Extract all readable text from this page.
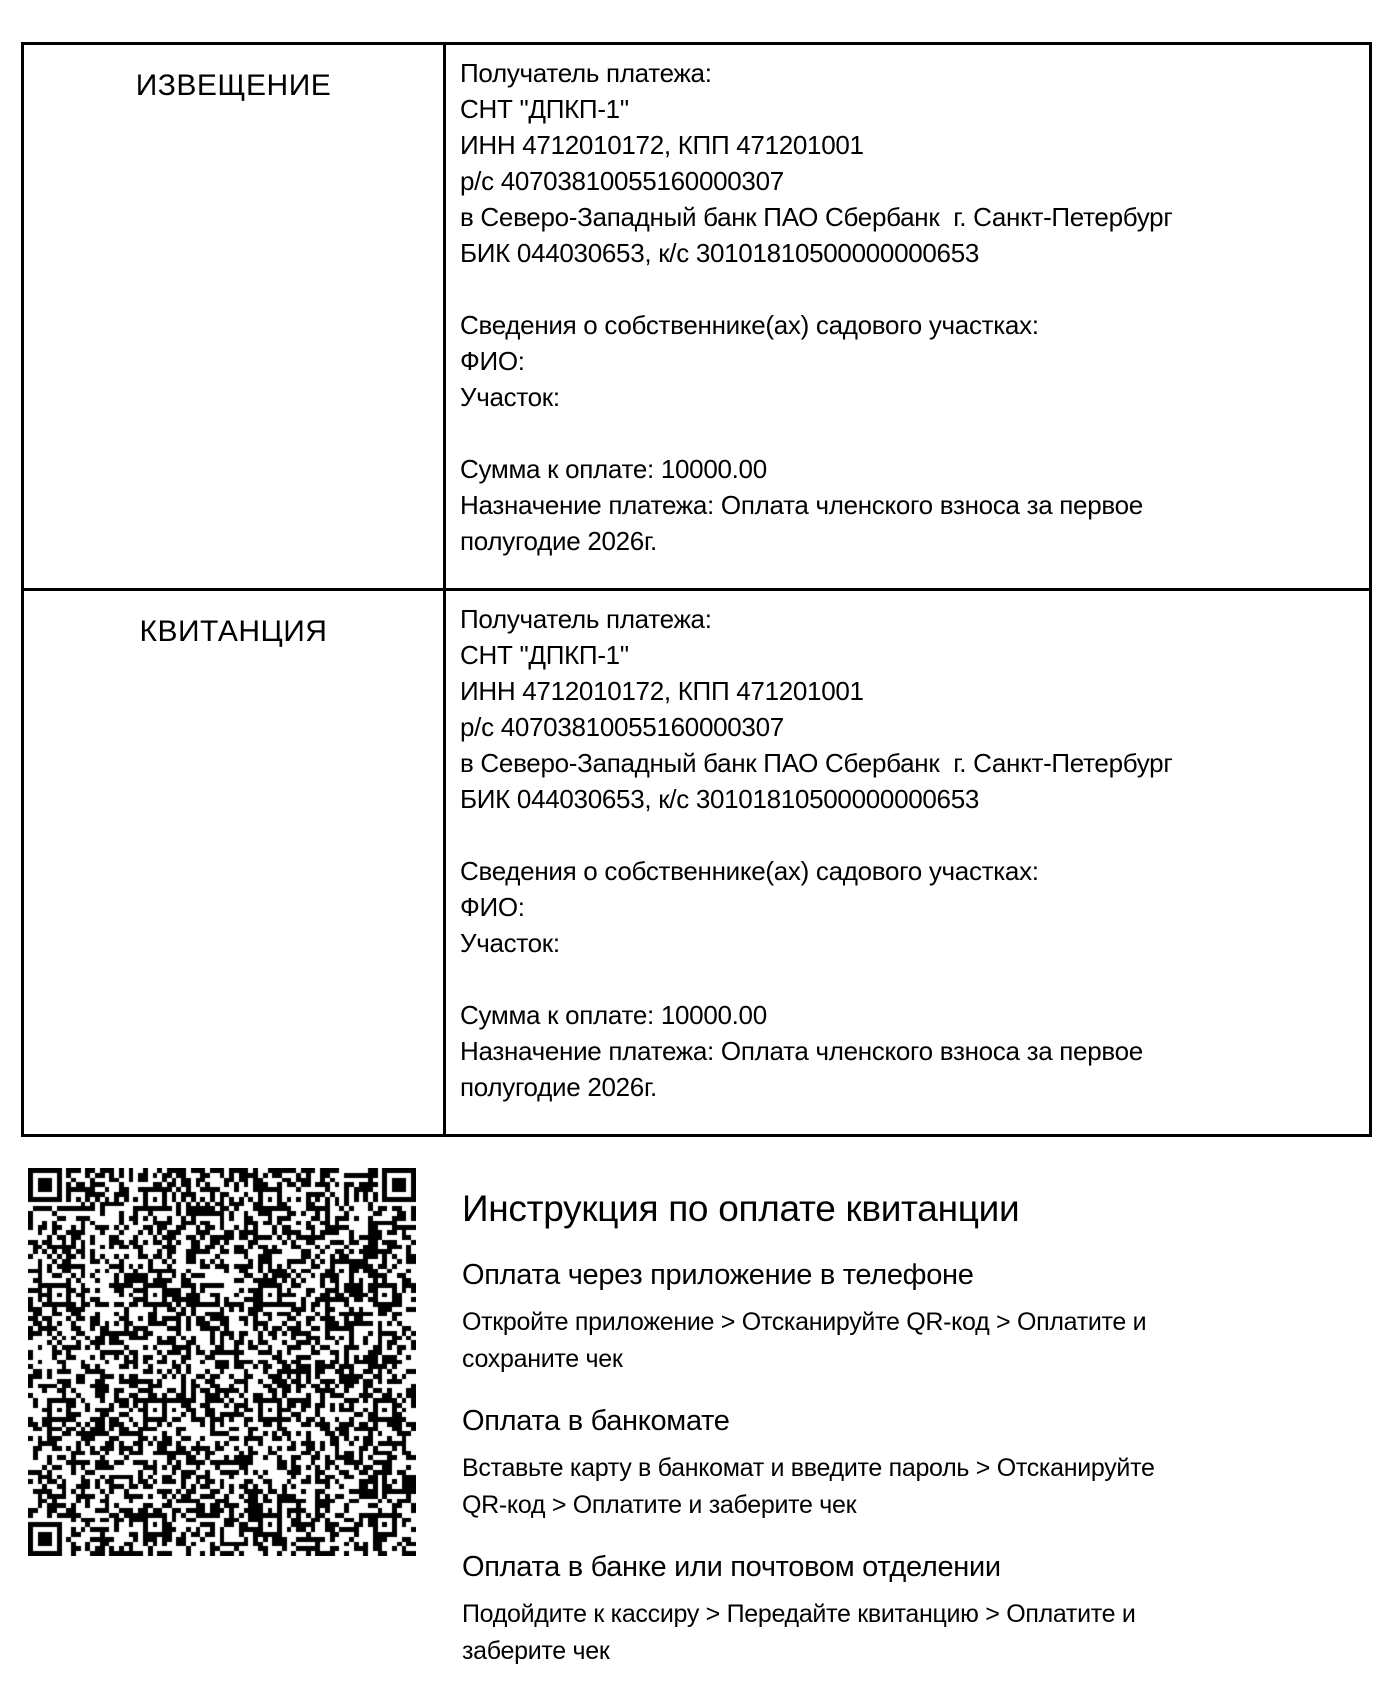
ИЗВЕЩЕНИЕ	Получатель платежа:
СНТ "ДПКП-1"
ИНН 4712010172, КПП 471201001
р/с 40703810055160000307
в Северо-Западный банк ПАО Сбербанк  г. Санкт-Петербург
БИК 044030653, к/с 30101810500000000653

Сведения о собственнике(ах) садового участках:
ФИО:
Участок:

Сумма к оплате: 10000.00
Назначение платежа: Оплата членского взноса за первое
полугодие 2026г.
КВИТАНЦИЯ	Получатель платежа:
СНТ "ДПКП-1"
ИНН 4712010172, КПП 471201001
р/с 40703810055160000307
в Северо-Западный банк ПАО Сбербанк  г. Санкт-Петербург
БИК 044030653, к/с 30101810500000000653

Сведения о собственнике(ах) садового участках:
ФИО:
Участок:

Сумма к оплате: 10000.00
Назначение платежа: Оплата членского взноса за первое
полугодие 2026г.
Инструкция по оплате квитанции
Оплата через приложение в телефоне
Откройте приложение > Отсканируйте QR-код > Оплатите и
сохраните чек
Оплата в банкомате
Вставьте карту в банкомат и введите пароль > Отсканируйте
QR-код > Оплатите и заберите чек
Оплата в банке или почтовом отделении
Подойдите к кассиру > Передайте квитанцию > Оплатите и
заберите чек
